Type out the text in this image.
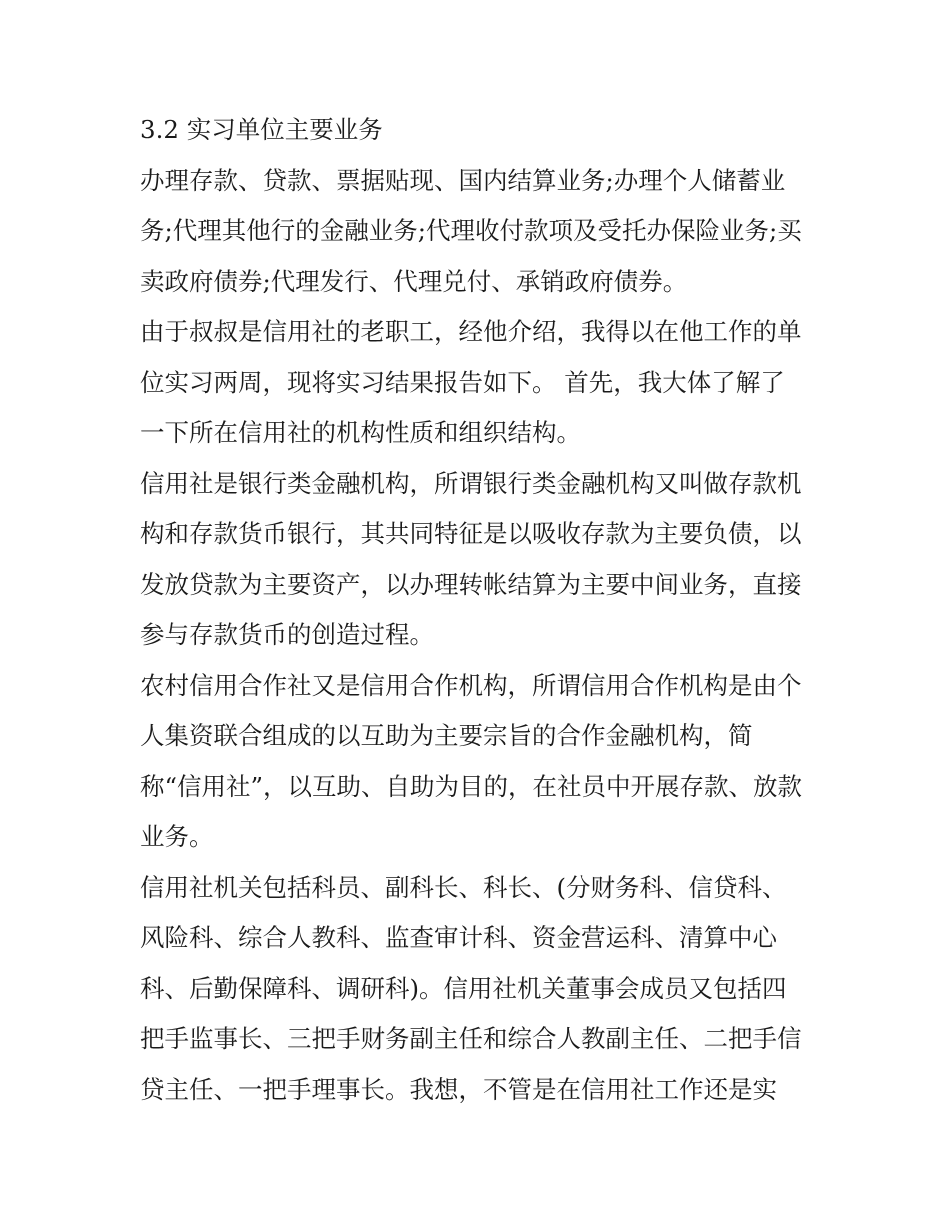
3.2 实习单位主要业务
办理存款、贷款、票据贴现、国内结算业务;办理个人储蓄业
务;代理其他行的金融业务;代理收付款项及受托办保险业务;买
卖政府债券;代理发行、代理兑付、承销政府债券。
由于叔叔是信用社的老职工，经他介绍，我得以在他工作的单
位实习两周，现将实习结果报告如下。 首先，我大体了解了
一下所在信用社的机构性质和组织结构。
信用社是银行类金融机构，所谓银行类金融机构又叫做存款机
构和存款货币银行，其共同特征是以吸收存款为主要负债，以
发放贷款为主要资产，以办理转帐结算为主要中间业务，直接
参与存款货币的创造过程。
农村信用合作社又是信用合作机构，所谓信用合作机构是由个
人集资联合组成的以互助为主要宗旨的合作金融机构，简
称“信用社”，以互助、自助为目的，在社员中开展存款、放款
业务。
信用社机关包括科员、副科长、科长、(分财务科、信贷科、
风险科、综合人教科、监查审计科、资金营运科、清算中心
科、后勤保障科、调研科)。信用社机关董事会成员又包括四
把手监事长、三把手财务副主任和综合人教副主任、二把手信
贷主任、一把手理事长。我想，不管是在信用社工作还是实
